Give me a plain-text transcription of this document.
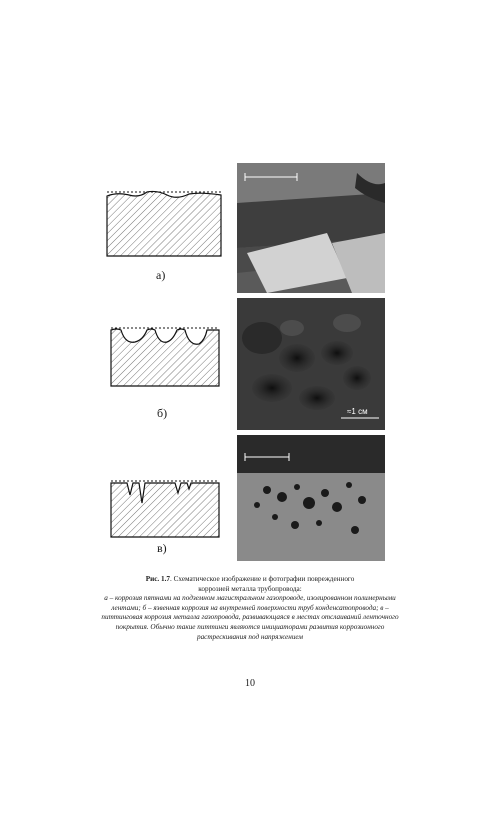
а)
б)	≈1 см
в)
Рис. 1.7. Схематическое изображение и фотографии поврежденного
коррозией металла трубопровода:
а – коррозия пятнами на подземном магистральном газопроводе, изолированном полимерными лентами; б – язвенная коррозия на внутренней поверхности труб конденсатопровода; в – питтинговая коррозия металла газопровода, развивающаяся в местах отслаиваний ленточного покрытия. Обычно такие питтинги являются инициаторами развития коррозионного растрескивания под напряжением
10
